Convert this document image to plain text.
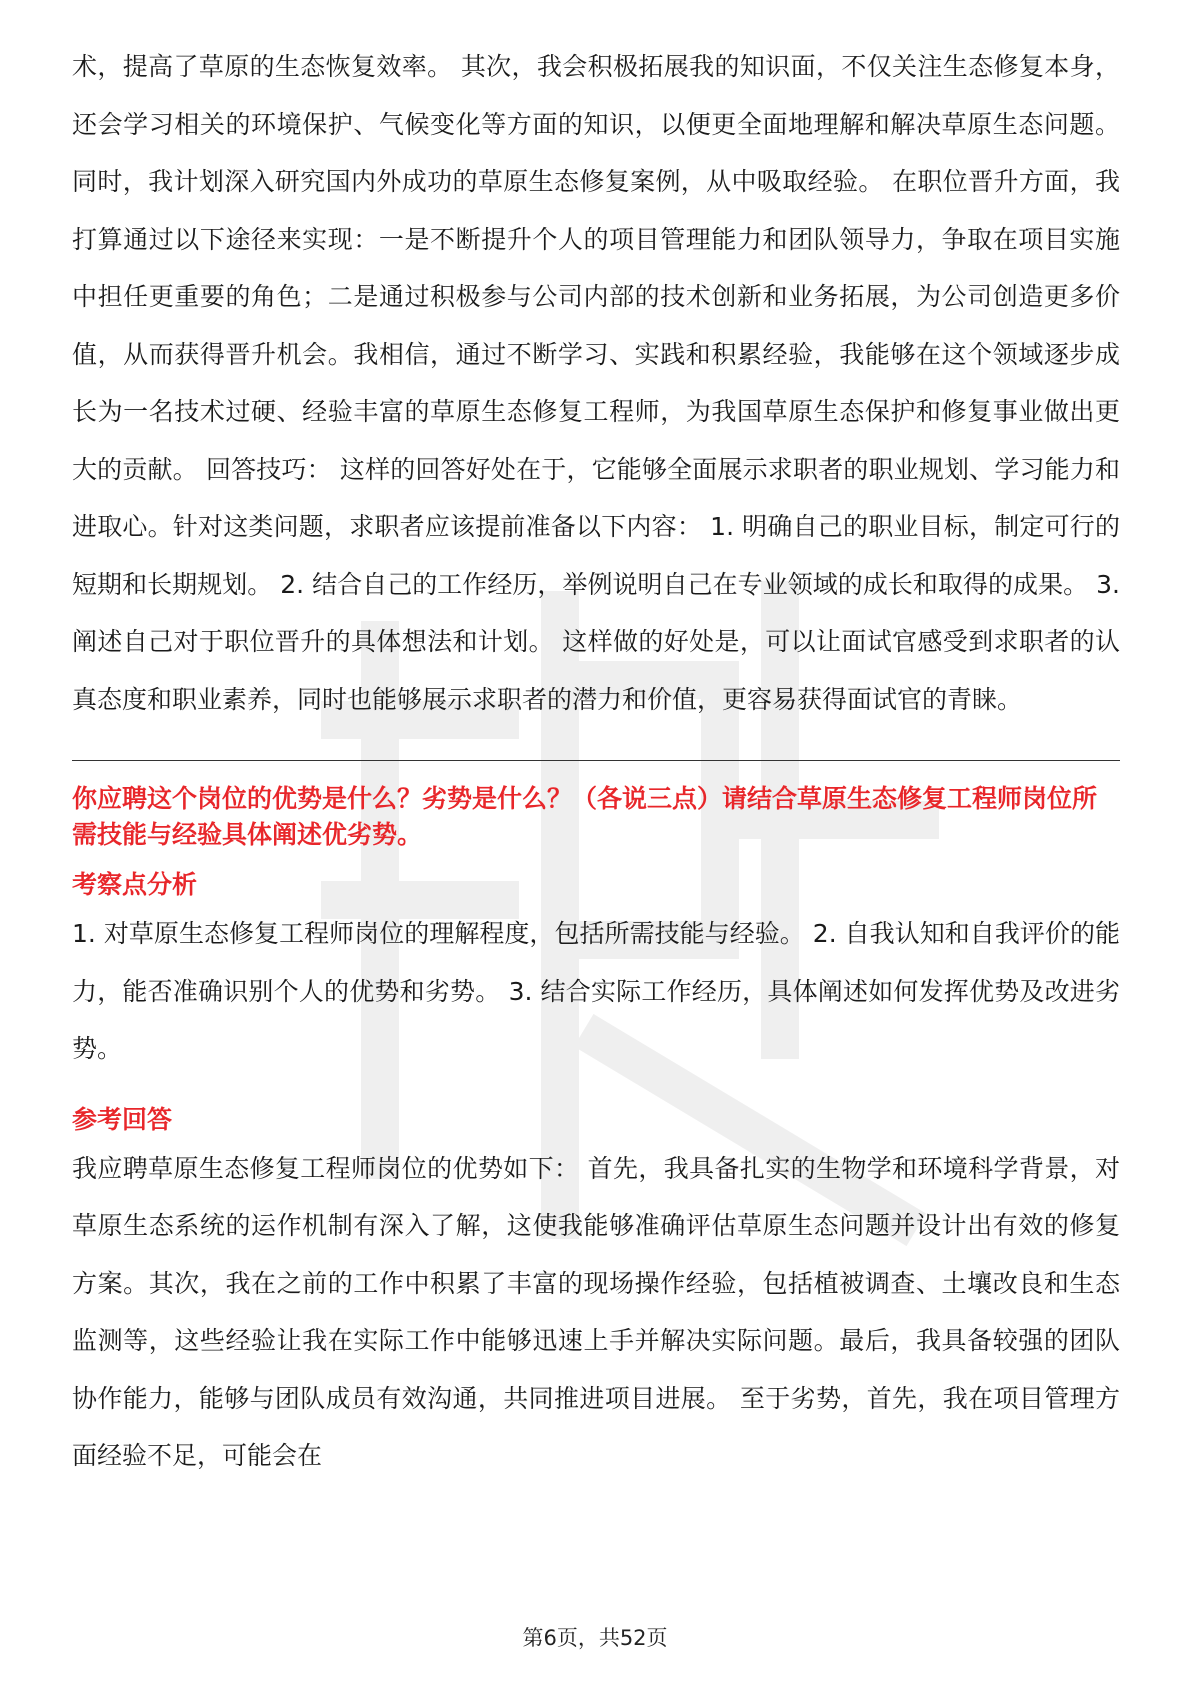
术，提高了草原的生态恢复效率。 其次，我会积极拓展我的知识面，不仅关注生态修复本身，还会学习相关的环境保护、气候变化等方面的知识，以便更全面地理解和解决草原生态问题。同时，我计划深入研究国内外成功的草原生态修复案例，从中吸取经验。 在职位晋升方面，我打算通过以下途径来实现：一是不断提升个人的项目管理能力和团队领导力，争取在项目实施中担任更重要的角色；二是通过积极参与公司内部的技术创新和业务拓展，为公司创造更多价值，从而获得晋升机会。我相信，通过不断学习、实践和积累经验，我能够在这个领域逐步成长为一名技术过硬、经验丰富的草原生态修复工程师，为我国草原生态保护和修复事业做出更大的贡献。 回答技巧： 这样的回答好处在于，它能够全面展示求职者的职业规划、学习能力和进取心。针对这类问题，求职者应该提前准备以下内容： 1. 明确自己的职业目标，制定可行的短期和长期规划。 2. 结合自己的工作经历，举例说明自己在专业领域的成长和取得的成果。 3. 阐述自己对于职位晋升的具体想法和计划。 这样做的好处是，可以让面试官感受到求职者的认真态度和职业素养，同时也能够展示求职者的潜力和价值，更容易获得面试官的青睐。

你应聘这个岗位的优势是什么？劣势是什么？（各说三点）请结合草原生态修复工程师岗位所需技能与经验具体阐述优劣势。

考察点分析

1. 对草原生态修复工程师岗位的理解程度，包括所需技能与经验。 2. 自我认知和自我评价的能力，能否准确识别个人的优势和劣势。 3. 结合实际工作经历，具体阐述如何发挥优势及改进劣势。

参考回答

我应聘草原生态修复工程师岗位的优势如下： 首先，我具备扎实的生物学和环境科学背景，对草原生态系统的运作机制有深入了解，这使我能够准确评估草原生态问题并设计出有效的修复方案。其次，我在之前的工作中积累了丰富的现场操作经验，包括植被调查、土壤改良和生态监测等，这些经验让我在实际工作中能够迅速上手并解决实际问题。最后，我具备较强的团队协作能力，能够与团队成员有效沟通，共同推进项目进展。 至于劣势，首先，我在项目管理方面经验不足，可能会在

第6页，共52页
